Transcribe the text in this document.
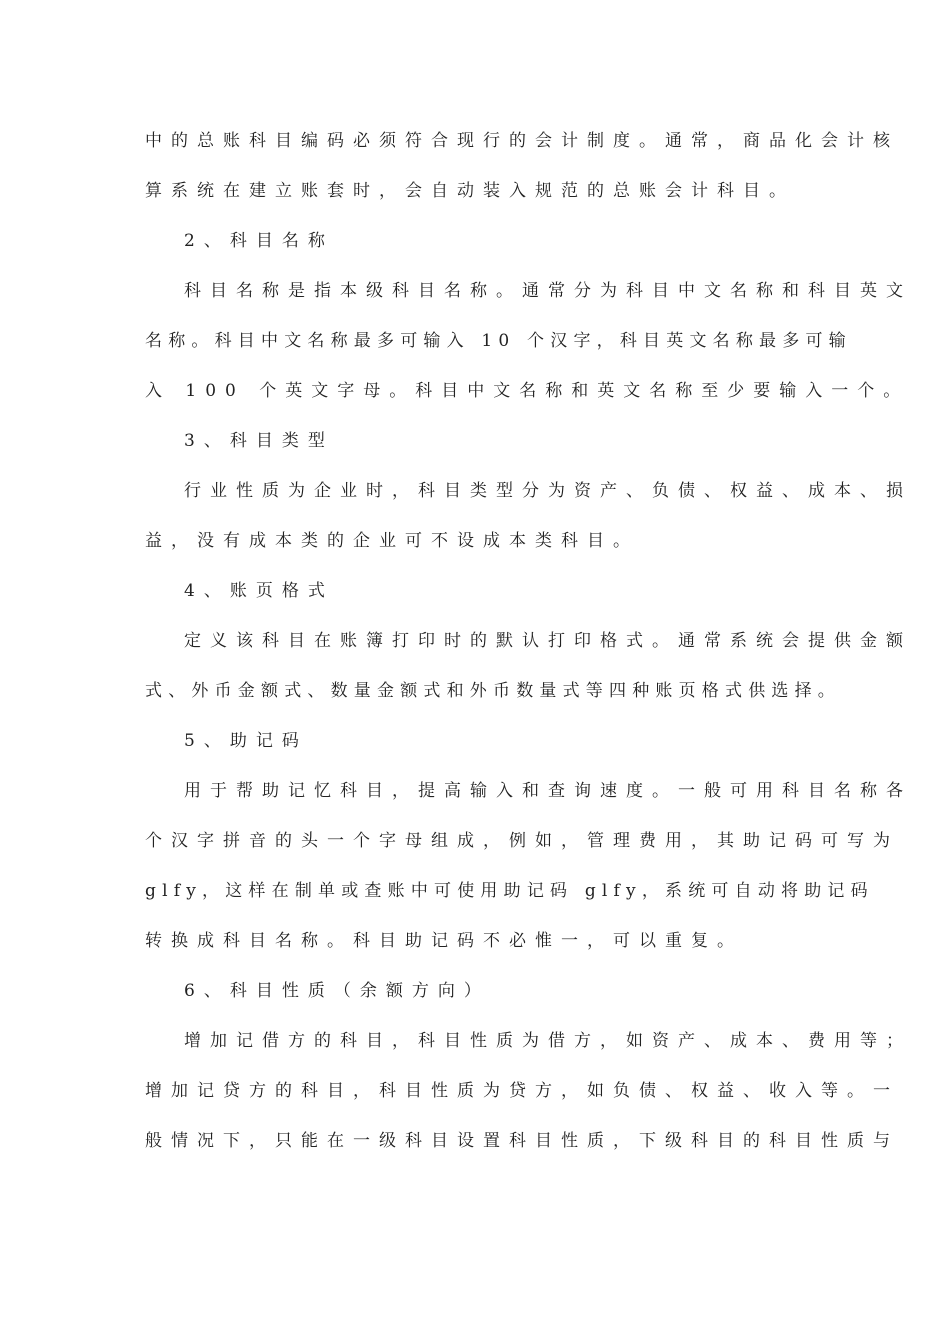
中的总账科目编码必须符合现行的会计制度。通常，商品化会计核
算系统在建立账套时，会自动装入规范的总账会计科目。
2、科目名称
科目名称是指本级科目名称。通常分为科目中文名称和科目英文
名称。科目中文名称最多可输入 10 个汉字，科目英文名称最多可输
入 100 个英文字母。科目中文名称和英文名称至少要输入一个。
3、科目类型
行业性质为企业时，科目类型分为资产、负债、权益、成本、损
益，没有成本类的企业可不设成本类科目。
4、账页格式
定义该科目在账簿打印时的默认打印格式。通常系统会提供金额
式、外币金额式、数量金额式和外币数量式等四种账页格式供选择。
5、助记码
用于帮助记忆科目，提高输入和查询速度。一般可用科目名称各
个汉字拼音的头一个字母组成，例如，管理费用，其助记码可写为
glfy，这样在制单或查账中可使用助记码 glfy，系统可自动将助记码
转换成科目名称。科目助记码不必惟一，可以重复。
6、科目性质（余额方向）
增加记借方的科目，科目性质为借方，如资产、成本、费用等；
增加记贷方的科目，科目性质为贷方，如负债、权益、收入等。一
般情况下，只能在一级科目设置科目性质，下级科目的科目性质与
